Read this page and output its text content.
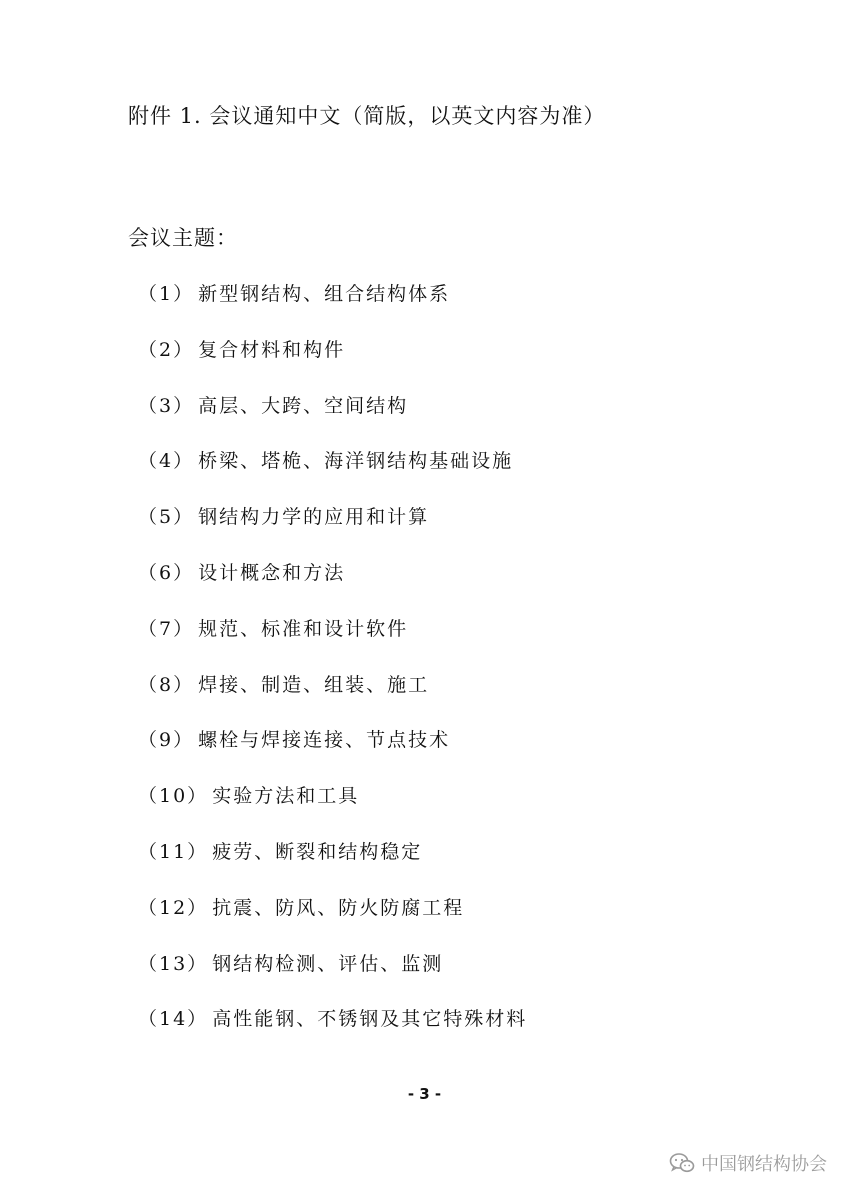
附件 1. 会议通知中文（简版，以英文内容为准）
会议主题：
（1） 新型钢结构、组合结构体系
（2） 复合材料和构件
（3） 高层、大跨、空间结构
（4） 桥梁、塔桅、海洋钢结构基础设施
（5） 钢结构力学的应用和计算
（6） 设计概念和方法
（7） 规范、标准和设计软件
（8） 焊接、制造、组装、施工
（9） 螺栓与焊接连接、节点技术
（10） 实验方法和工具
（11） 疲劳、断裂和结构稳定
（12） 抗震、防风、防火防腐工程
（13） 钢结构检测、评估、监测
（14） 高性能钢、不锈钢及其它特殊材料
- 3 -
中国钢结构协会
